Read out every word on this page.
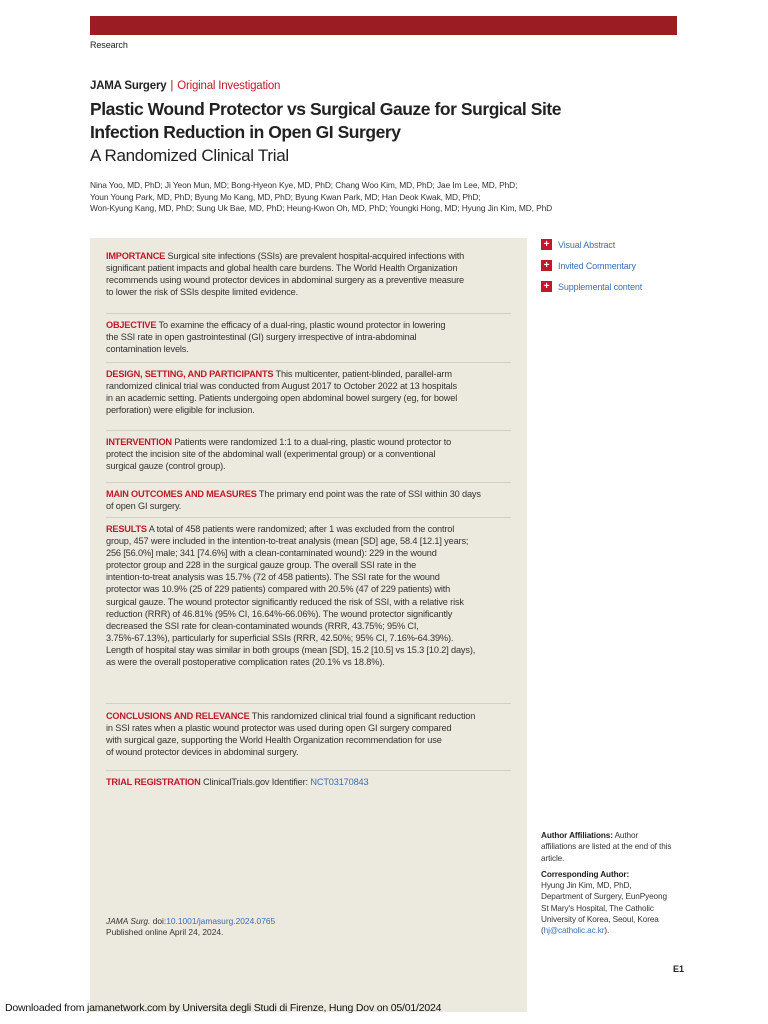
Research
JAMA Surgery | Original Investigation
Plastic Wound Protector vs Surgical Gauze for Surgical Site
Infection Reduction in Open GI Surgery
A Randomized Clinical Trial
Nina Yoo, MD, PhD; Ji Yeon Mun, MD; Bong-Hyeon Kye, MD, PhD; Chang Woo Kim, MD, PhD; Jae Im Lee, MD, PhD;
Youn Young Park, MD, PhD; Byung Mo Kang, MD, PhD; Byung Kwan Park, MD; Han Deok Kwak, MD, PhD;
Won-Kyung Kang, MD, PhD; Sung Uk Bae, MD, PhD; Heung-Kwon Oh, MD, PhD; Youngki Hong, MD; Hyung Jin Kim, MD, PhD
IMPORTANCE Surgical site infections (SSIs) are prevalent hospital-acquired infections with
significant patient impacts and global health care burdens. The World Health Organization
recommends using wound protector devices in abdominal surgery as a preventive measure
to lower the risk of SSIs despite limited evidence.
OBJECTIVE To examine the efficacy of a dual-ring, plastic wound protector in lowering
the SSI rate in open gastrointestinal (GI) surgery irrespective of intra-abdominal
contamination levels.
DESIGN, SETTING, AND PARTICIPANTS This multicenter, patient-blinded, parallel-arm
randomized clinical trial was conducted from August 2017 to October 2022 at 13 hospitals
in an academic setting. Patients undergoing open abdominal bowel surgery (eg, for bowel
perforation) were eligible for inclusion.
INTERVENTION Patients were randomized 1:1 to a dual-ring, plastic wound protector to
protect the incision site of the abdominal wall (experimental group) or a conventional
surgical gauze (control group).
MAIN OUTCOMES AND MEASURES The primary end point was the rate of SSI within 30 days
of open GI surgery.
RESULTS A total of 458 patients were randomized; after 1 was excluded from the control
group, 457 were included in the intention-to-treat analysis (mean [SD] age, 58.4 [12.1] years;
256 [56.0%] male; 341 [74.6%] with a clean-contaminated wound): 229 in the wound
protector group and 228 in the surgical gauze group. The overall SSI rate in the
intention-to-treat analysis was 15.7% (72 of 458 patients). The SSI rate for the wound
protector was 10.9% (25 of 229 patients) compared with 20.5% (47 of 229 patients) with
surgical gauze. The wound protector significantly reduced the risk of SSI, with a relative risk
reduction (RRR) of 46.81% (95% CI, 16.64%-66.06%). The wound protector significantly
decreased the SSI rate for clean-contaminated wounds (RRR, 43.75%; 95% CI,
3.75%-67.13%), particularly for superficial SSIs (RRR, 42.50%; 95% CI, 7.16%-64.39%).
Length of hospital stay was similar in both groups (mean [SD], 15.2 [10.5] vs 15.3 [10.2] days),
as were the overall postoperative complication rates (20.1% vs 18.8%).
CONCLUSIONS AND RELEVANCE This randomized clinical trial found a significant reduction
in SSI rates when a plastic wound protector was used during open GI surgery compared
with surgical gaze, supporting the World Health Organization recommendation for use
of wound protector devices in abdominal surgery.
TRIAL REGISTRATION ClinicalTrials.gov Identifier: NCT03170843
JAMA Surg. doi:10.1001/jamasurg.2024.0765
Published online April 24, 2024.
+ Visual Abstract
+ Invited Commentary
+ Supplemental content
Author Affiliations: Author
affiliations are listed at the end of this
article.
Corresponding Author:
Hyung Jin Kim, MD, PhD,
Department of Surgery, EunPyeong
St Mary's Hospital, The Catholic
University of Korea, Seoul, Korea
(hj@catholic.ac.kr).
E1
Downloaded from jamanetwork.com by Universita degli Studi di Firenze, Hung Dov on 05/01/2024
